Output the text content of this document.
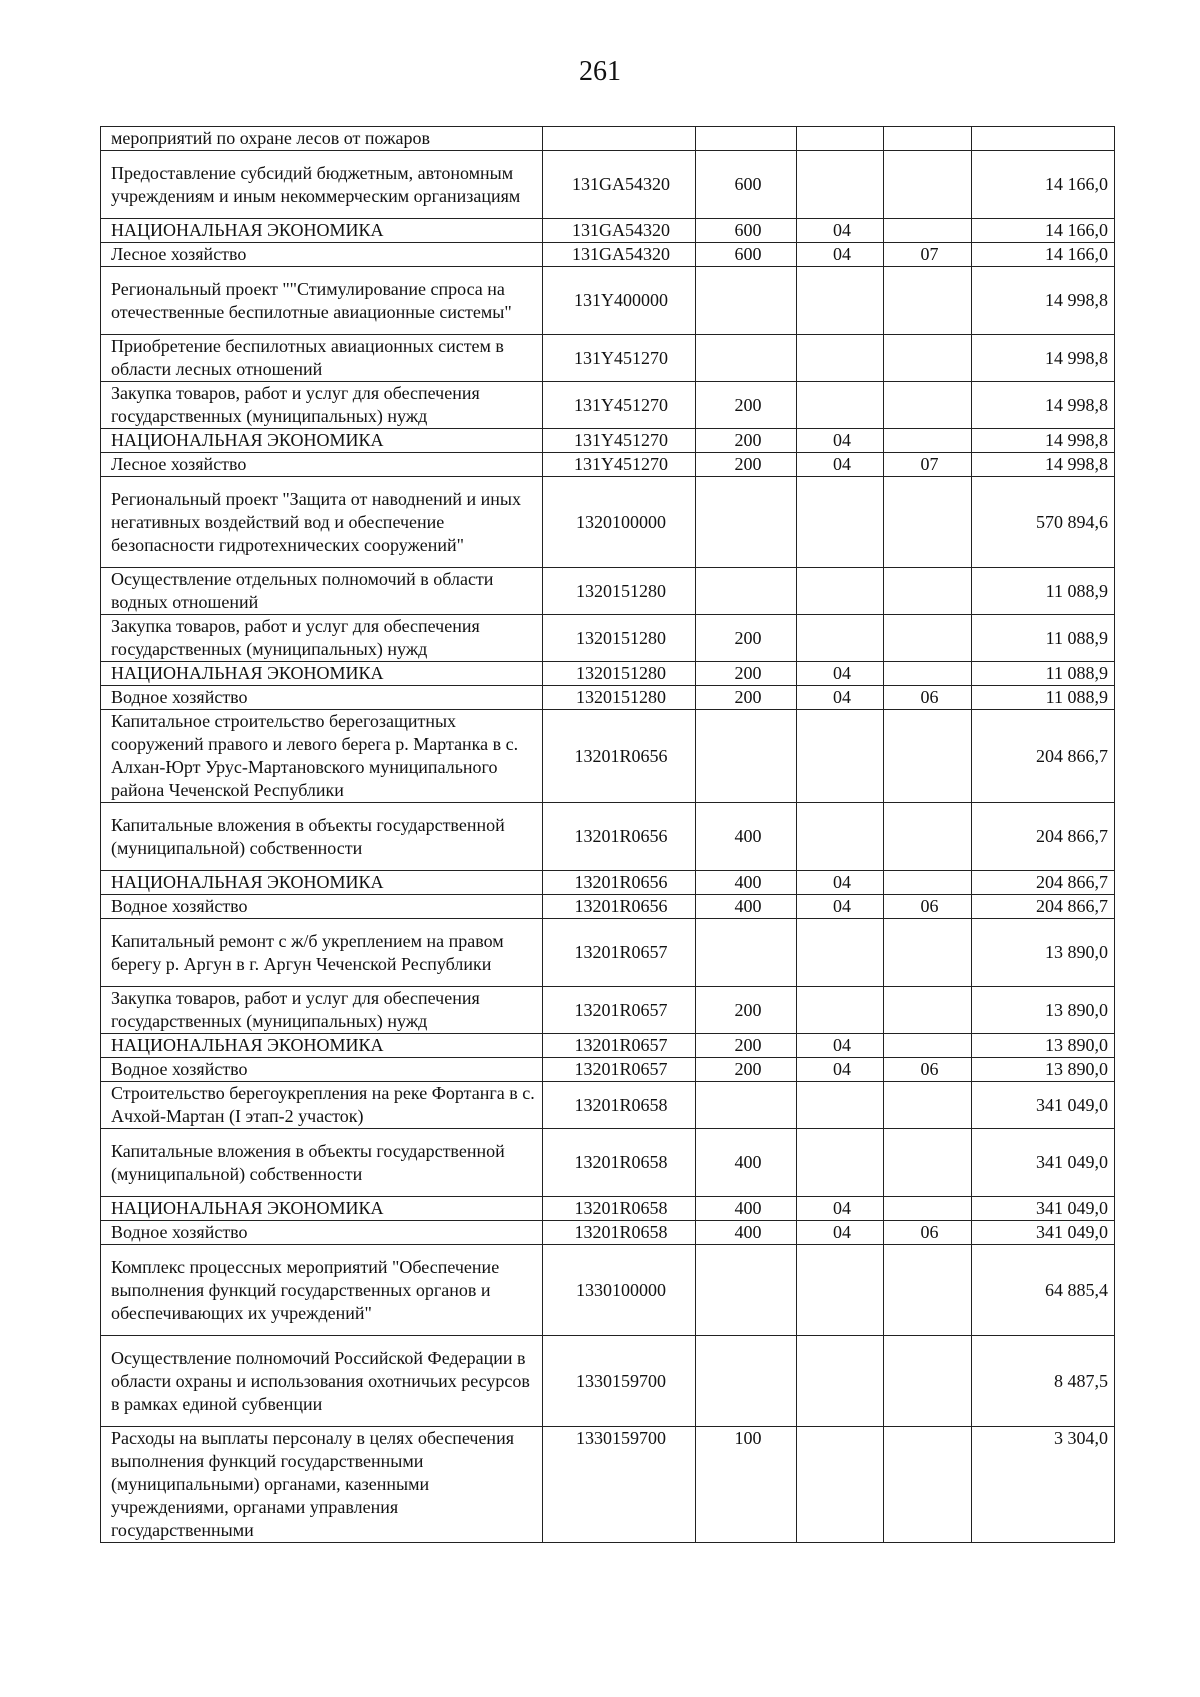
261
мероприятий по охране лесов от пожаров					
Предоставление субсидий бюджетным, автономным учреждениям и иным некоммерческим организациям	131GA54320	600			14 166,0
НАЦИОНАЛЬНАЯ ЭКОНОМИКА	131GA54320	600	04		14 166,0
Лесное хозяйство	131GA54320	600	04	07	14 166,0
Региональный проект ""Стимулирование спроса на отечественные беспилотные авиационные системы"	131Y400000				14 998,8
Приобретение беспилотных авиационных систем в области лесных отношений	131Y451270				14 998,8
Закупка товаров, работ и услуг для обеспечения государственных (муниципальных) нужд	131Y451270	200			14 998,8
НАЦИОНАЛЬНАЯ ЭКОНОМИКА	131Y451270	200	04		14 998,8
Лесное хозяйство	131Y451270	200	04	07	14 998,8
Региональный проект "Защита от наводнений и иных негативных воздействий вод и обеспечение безопасности гидротехнических сооружений"	1320100000				570 894,6
Осуществление отдельных полномочий в области водных отношений	1320151280				11 088,9
Закупка товаров, работ и услуг для обеспечения государственных (муниципальных) нужд	1320151280	200			11 088,9
НАЦИОНАЛЬНАЯ ЭКОНОМИКА	1320151280	200	04		11 088,9
Водное хозяйство	1320151280	200	04	06	11 088,9
Капитальное строительство берегозащитных сооружений правого и левого берега р. Мартанка в с. Алхан-Юрт Урус-Мартановского муниципального района Чеченской Республики	13201R0656				204 866,7
Капитальные вложения в объекты государственной (муниципальной) собственности	13201R0656	400			204 866,7
НАЦИОНАЛЬНАЯ ЭКОНОМИКА	13201R0656	400	04		204 866,7
Водное хозяйство	13201R0656	400	04	06	204 866,7
Капитальный ремонт с ж/б укреплением на правом берегу р. Аргун в г. Аргун Чеченской Республики	13201R0657				13 890,0
Закупка товаров, работ и услуг для обеспечения государственных (муниципальных) нужд	13201R0657	200			13 890,0
НАЦИОНАЛЬНАЯ ЭКОНОМИКА	13201R0657	200	04		13 890,0
Водное хозяйство	13201R0657	200	04	06	13 890,0
Строительство берегоукрепления на реке Фортанга в с. Ачхой-Мартан (I этап-2 участок)	13201R0658				341 049,0
Капитальные вложения в объекты государственной (муниципальной) собственности	13201R0658	400			341 049,0
НАЦИОНАЛЬНАЯ ЭКОНОМИКА	13201R0658	400	04		341 049,0
Водное хозяйство	13201R0658	400	04	06	341 049,0
Комплекс процессных мероприятий "Обеспечение выполнения функций государственных органов и обеспечивающих их учреждений"	1330100000				64 885,4
Осуществление полномочий Российской Федерации в области охраны и использования охотничьих ресурсов в рамках единой субвенции	1330159700				8 487,5
Расходы на выплаты персоналу в целях обеспечения выполнения функций государственными (муниципальными) органами, казенными учреждениями, органами управления государственными	1330159700	100			3 304,0
